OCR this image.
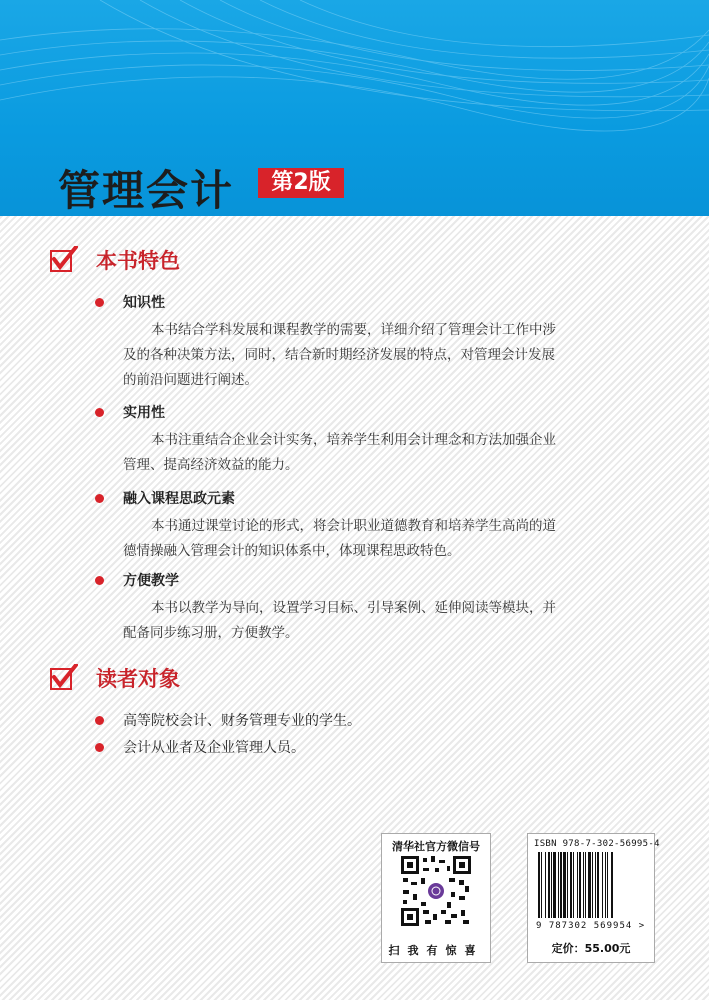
管理会计	第2版
本书特色
知识性
本书结合学科发展和课程教学的需要，详细介绍了管理会计工作中涉及的各种决策方法，同时，结合新时期经济发展的特点，对管理会计发展的前沿问题进行阐述。
实用性
本书注重结合企业会计实务，培养学生利用会计理念和方法加强企业管理、提高经济效益的能力。
融入课程思政元素
本书通过课堂讨论的形式，将会计职业道德教育和培养学生高尚的道德情操融入管理会计的知识体系中，体现课程思政特色。
方便教学
本书以教学为导向，设置学习目标、引导案例、延伸阅读等模块，并配备同步练习册，方便教学。
读者对象
高等院校会计、财务管理专业的学生。
会计从业者及企业管理人员。
清华社官方微信号
扫我有惊喜
ISBN 978-7-302-56995-4
9 787302 569954 >
定价：55.00元
